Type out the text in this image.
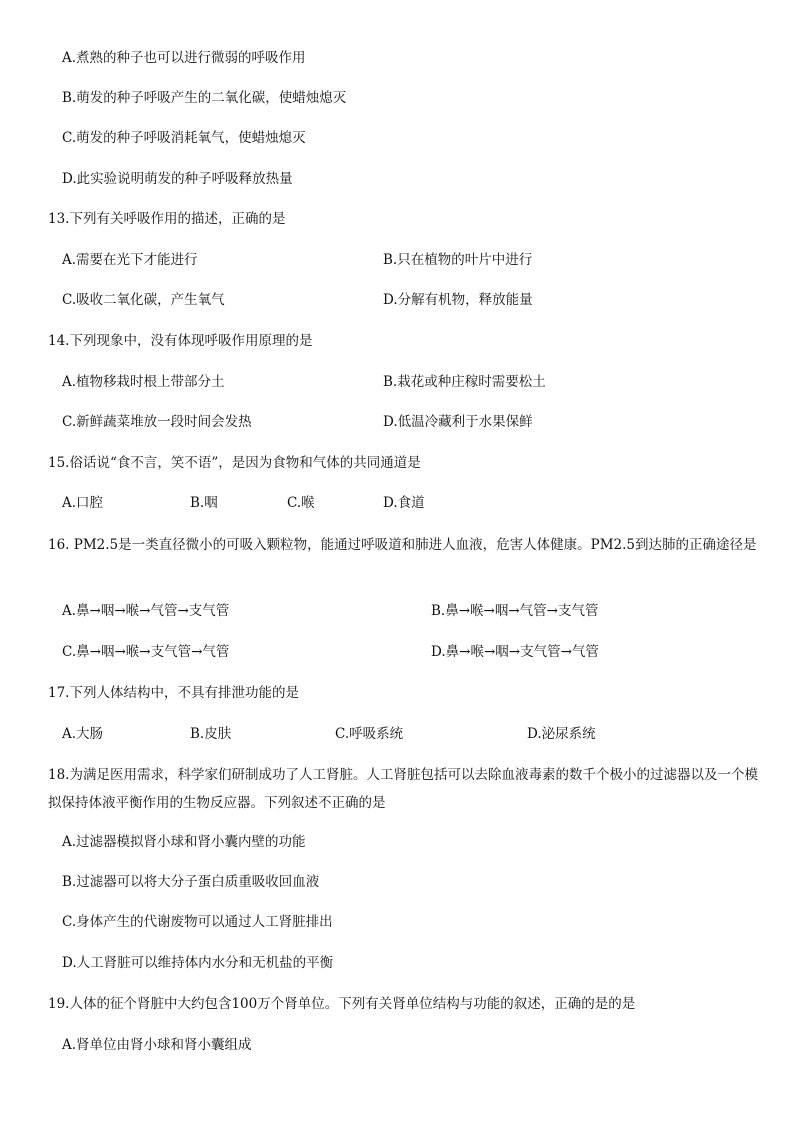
A.煮熟的种子也可以进行微弱的呼吸作用
B.萌发的种子呼吸产生的二氧化碳，使蜡烛熄灭
C.萌发的种子呼吸消耗氧气，使蜡烛熄灭
D.此实验说明萌发的种子呼吸释放热量
13.下列有关呼吸作用的描述，正确的是
A.需要在光下才能进行	B.只在植物的叶片中进行
C.吸收二氧化碳，产生氧气	D.分解有机物，释放能量
14.下列现象中，没有体现呼吸作用原理的是
A.植物移栽时根上带部分土	B.栽花或种庄稼时需要松土
C.新鲜蔬菜堆放一段时间会发热	D.低温冷藏利于水果保鲜
15.俗话说“食不言，笑不语”，是因为食物和气体的共同通道是
A.口腔	B.咽	C.喉	D.食道
16. PM2.5是一类直径微小的可吸入颗粒物，能通过呼吸道和肺进人血液，危害人体健康。PM2.5到达肺的正确途径是
A.鼻→咽→喉→气管→支气管	B.鼻→喉→咽→气管→支气管
C.鼻→咽→喉→支气管→气管	D.鼻→喉→咽→支气管→气管
17.下列人体结构中，不具有排泄功能的是
A.大肠	B.皮肤	C.呼吸系统	D.泌尿系统
18.为满足医用需求，科学家们研制成功了人工肾脏。人工肾脏包括可以去除血液毒素的数千个极小的过滤器以及一个模拟保持体液平衡作用的生物反应器。下列叙述不正确的是
A.过滤器模拟肾小球和肾小囊内壁的功能
B.过滤器可以将大分子蛋白质重吸收回血液
C.身体产生的代谢废物可以通过人工肾脏排出
D.人工肾脏可以维持体内水分和无机盐的平衡
19.人体的征个肾脏中大约包含100万个肾单位。下列有关肾单位结构与功能的叙述，正确的是的是
A.肾单位由肾小球和肾小囊组成
